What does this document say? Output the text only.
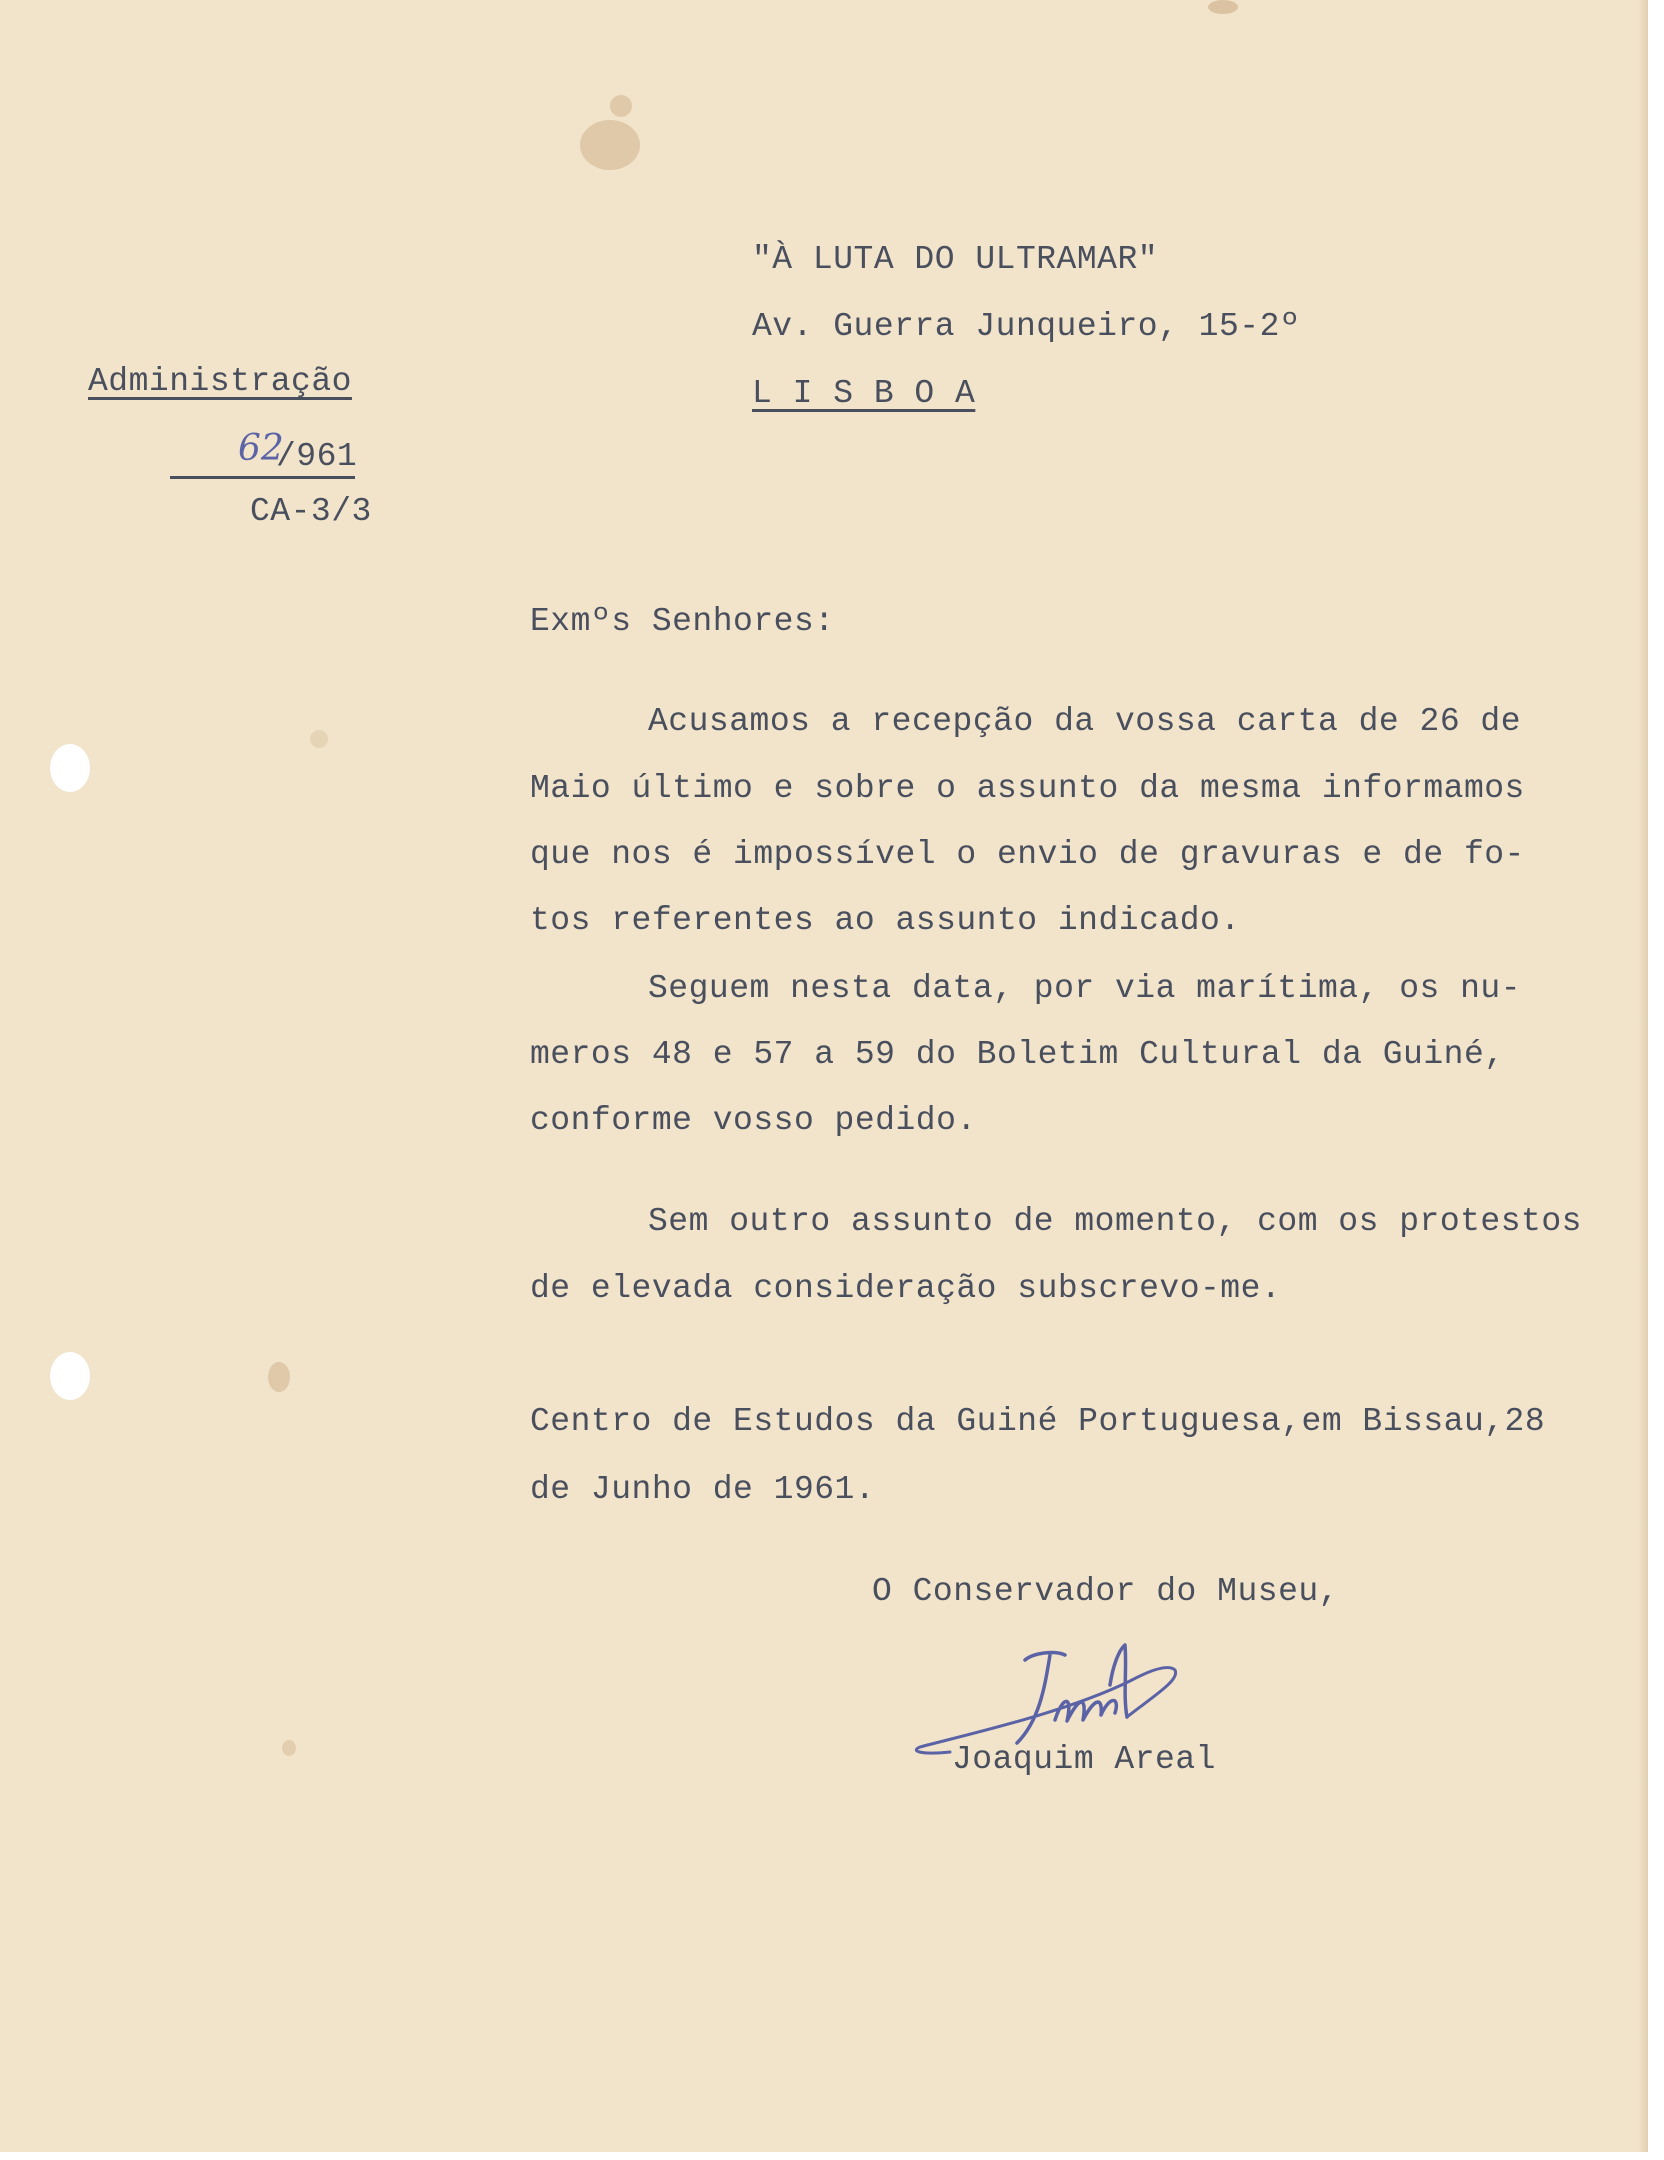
"À LUTA DO ULTRAMAR"
Av. Guerra Junqueiro, 15-2º
L I S B O A
Administração
62
/961
CA-3/3
Exmºs Senhores:
Acusamos a recepção da vossa carta de 26 de
Maio último e sobre o assunto da mesma informamos
que nos é impossível o envio de gravuras e de fo-
tos referentes ao assunto indicado.
Seguem nesta data, por via marítima, os nu-
meros 48 e 57 a 59 do Boletim Cultural da Guiné,
conforme vosso pedido.
Sem outro assunto de momento, com os protestos
de elevada consideração subscrevo-me.
Centro de Estudos da Guiné Portuguesa,em Bissau,28
de Junho de 1961.
O Conservador do Museu,
Joaquim Areal
